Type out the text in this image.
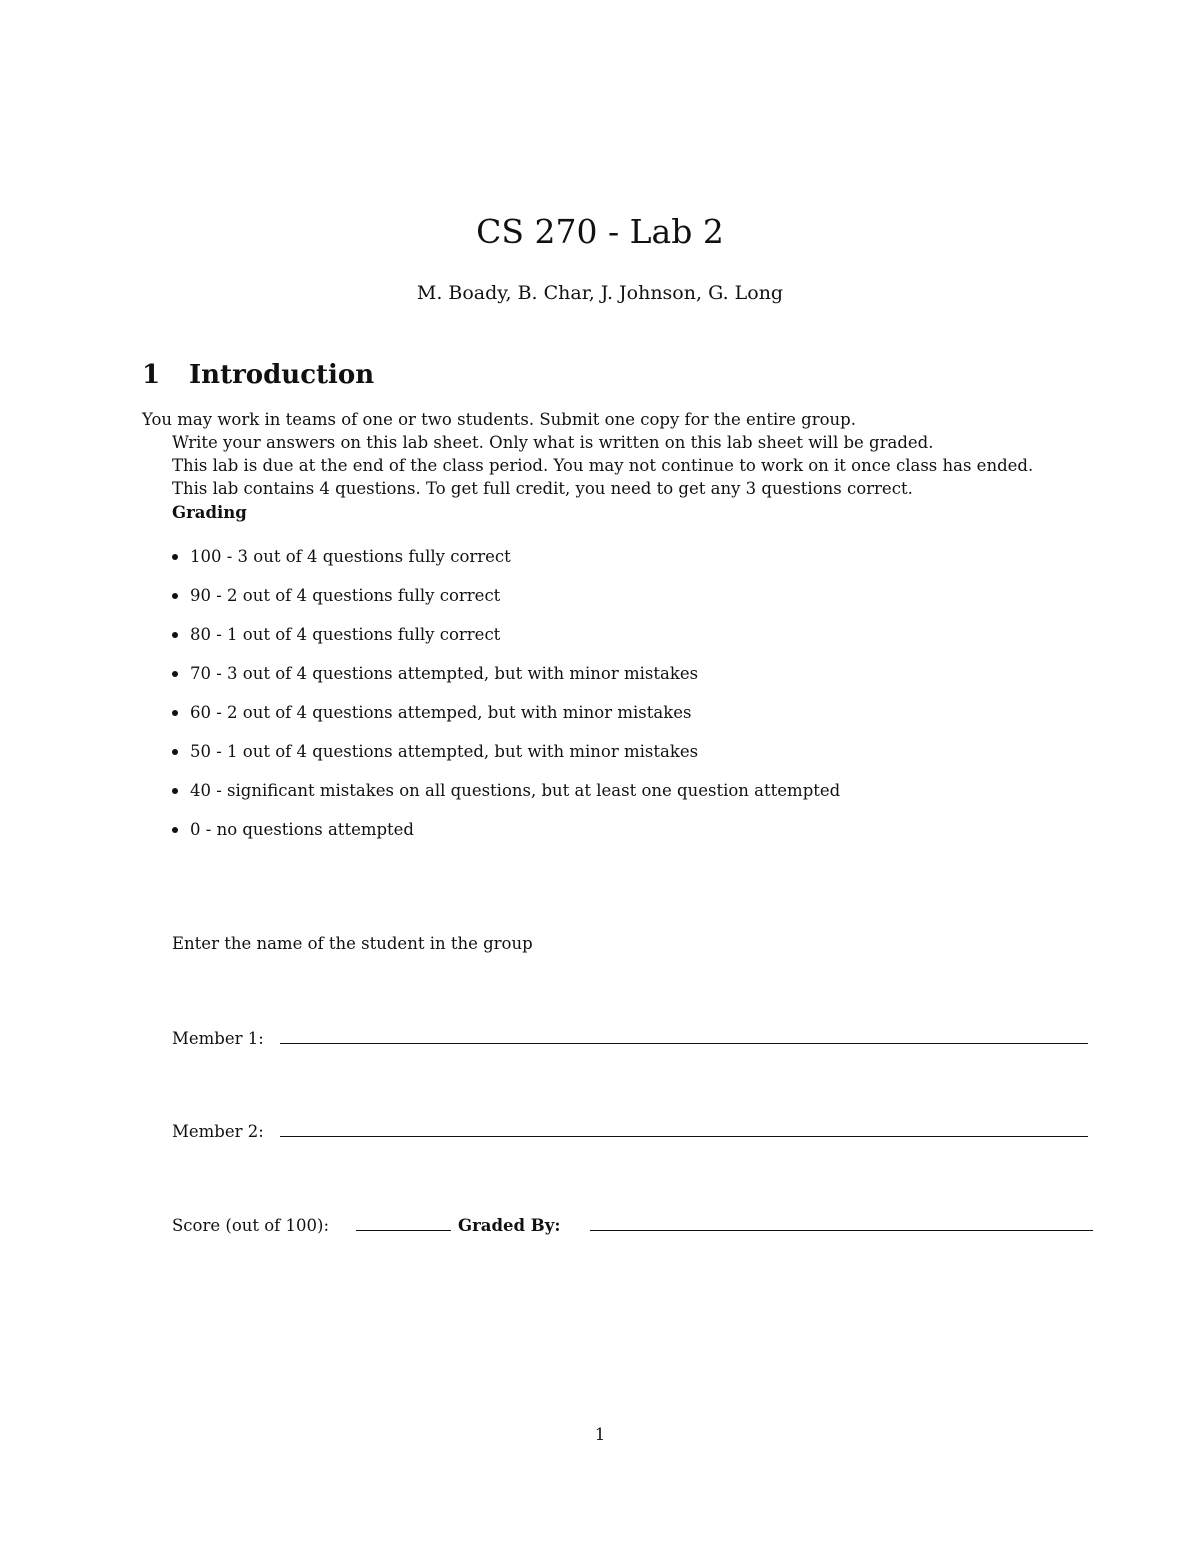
CS 270 - Lab 2
M. Boady, B. Char, J. Johnson, G. Long
1 Introduction
You may work in teams of one or two students. Submit one copy for the entire group.
Write your answers on this lab sheet. Only what is written on this lab sheet will be graded.
This lab is due at the end of the class period. You may not continue to work on it once class has ended.
This lab contains 4 questions. To get full credit, you need to get any 3 questions correct.
Grading
100 - 3 out of 4 questions fully correct
90 - 2 out of 4 questions fully correct
80 - 1 out of 4 questions fully correct
70 - 3 out of 4 questions attempted, but with minor mistakes
60 - 2 out of 4 questions attemped, but with minor mistakes
50 - 1 out of 4 questions attempted, but with minor mistakes
40 - significant mistakes on all questions, but at least one question attempted
0 - no questions attempted
Enter the name of the student in the group
Member 1:
Member 2:
Score (out of 100):	Graded By:
1
